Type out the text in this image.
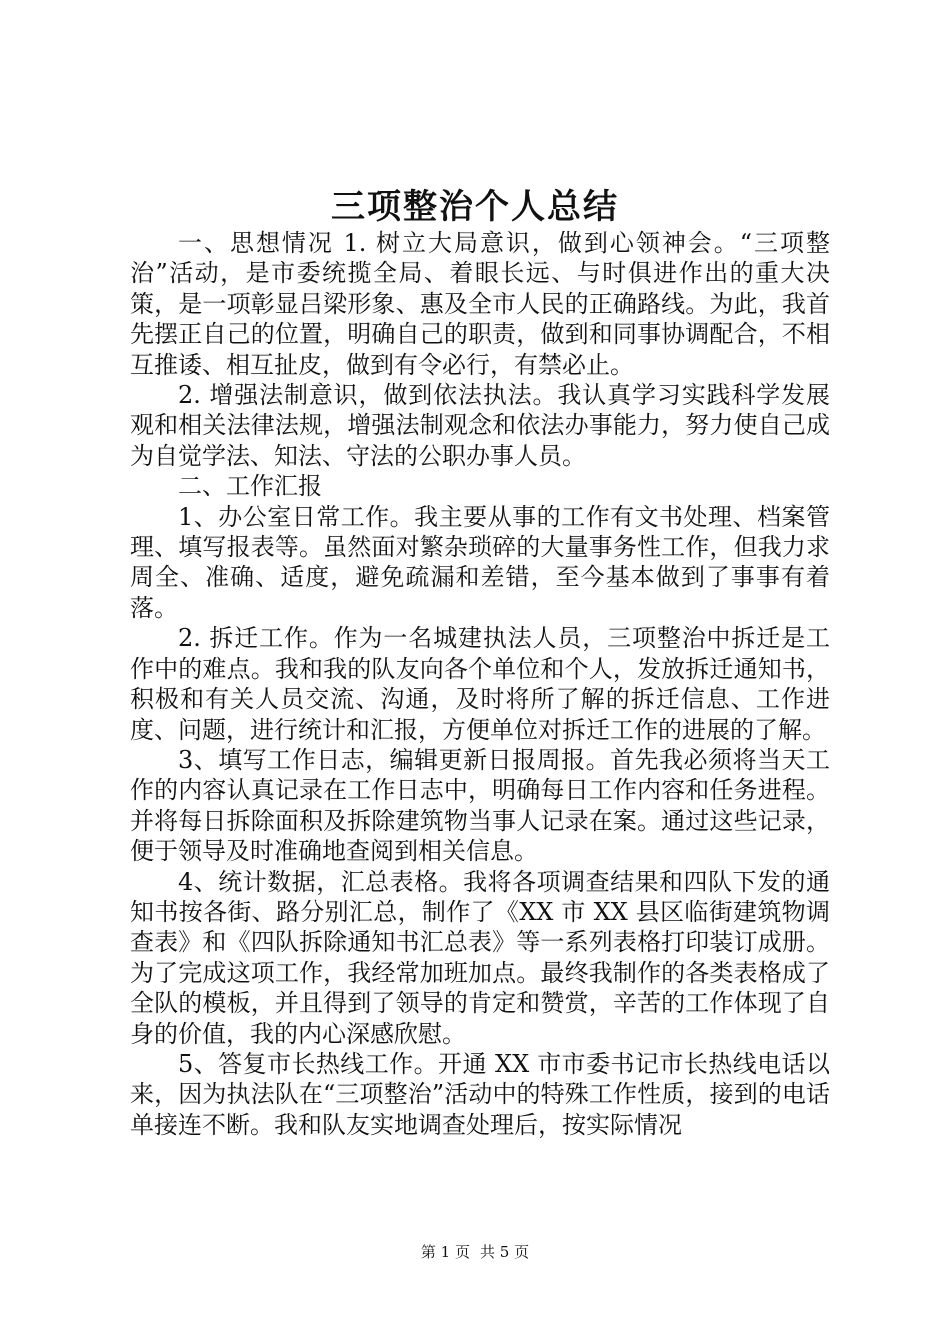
三项整治个人总结

一、思想情况 1. 树立大局意识，做到心领神会。“三项整治”活动，是市委统揽全局、着眼长远、与时俱进作出的重大决策，是一项彰显吕梁形象、惠及全市人民的正确路线。为此，我首先摆正自己的位置，明确自己的职责，做到和同事协调配合，不相互推诿、相互扯皮，做到有令必行，有禁必止。

2. 增强法制意识，做到依法执法。我认真学习实践科学发展观和相关法律法规，增强法制观念和依法办事能力，努力使自己成为自觉学法、知法、守法的公职办事人员。

二、工作汇报

1、办公室日常工作。我主要从事的工作有文书处理、档案管理、填写报表等。虽然面对繁杂琐碎的大量事务性工作，但我力求周全、准确、适度，避免疏漏和差错，至今基本做到了事事有着落。

2. 拆迁工作。作为一名城建执法人员，三项整治中拆迁是工作中的难点。我和我的队友向各个单位和个人，发放拆迁通知书，积极和有关人员交流、沟通，及时将所了解的拆迁信息、工作进度、问题，进行统计和汇报，方便单位对拆迁工作的进展的了解。

3、填写工作日志，编辑更新日报周报。首先我必须将当天工作的内容认真记录在工作日志中，明确每日工作内容和任务进程。并将每日拆除面积及拆除建筑物当事人记录在案。通过这些记录，便于领导及时准确地查阅到相关信息。

4、统计数据，汇总表格。我将各项调查结果和四队下发的通知书按各街、路分别汇总，制作了《XX 市 XX 县区临街建筑物调查表》和《四队拆除通知书汇总表》等一系列表格打印装订成册。为了完成这项工作，我经常加班加点。最终我制作的各类表格成了全队的模板，并且得到了领导的肯定和赞赏，辛苦的工作体现了自身的价值，我的内心深感欣慰。

5、答复市长热线工作。开通 XX 市市委书记市长热线电话以来，因为执法队在“三项整治”活动中的特殊工作性质，接到的电话单接连不断。我和队友实地调查处理后，按实际情况

第 1 页 共 5 页
